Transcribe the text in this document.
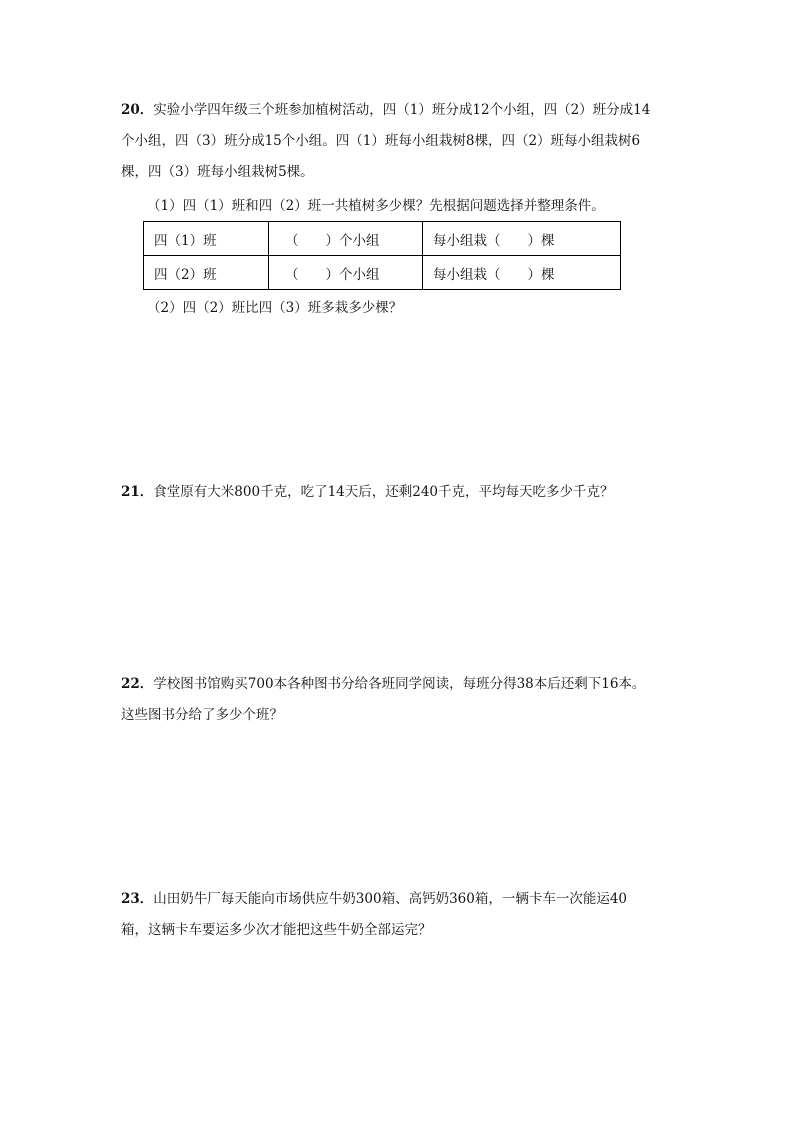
20．实验小学四年级三个班参加植树活动，四（1）班分成12个小组，四（2）班分成14
个小组，四（3）班分成15个小组。四（1）班每小组栽树8棵，四（2）班每小组栽树6
棵，四（3）班每小组栽树5棵。
（1）四（1）班和四（2）班一共植树多少棵？先根据问题选择并整理条件。
四（1）班	（　　）个小组	每小组栽（　　）棵
四（2）班	（　　）个小组	每小组栽（　　）棵
（2）四（2）班比四（3）班多栽多少棵？
21．食堂原有大米800千克，吃了14天后，还剩240千克，平均每天吃多少千克？
22．学校图书馆购买700本各种图书分给各班同学阅读，每班分得38本后还剩下16本。
这些图书分给了多少个班？
23．山田奶牛厂每天能向市场供应牛奶300箱、高钙奶360箱，一辆卡车一次能运40
箱，这辆卡车要运多少次才能把这些牛奶全部运完？
